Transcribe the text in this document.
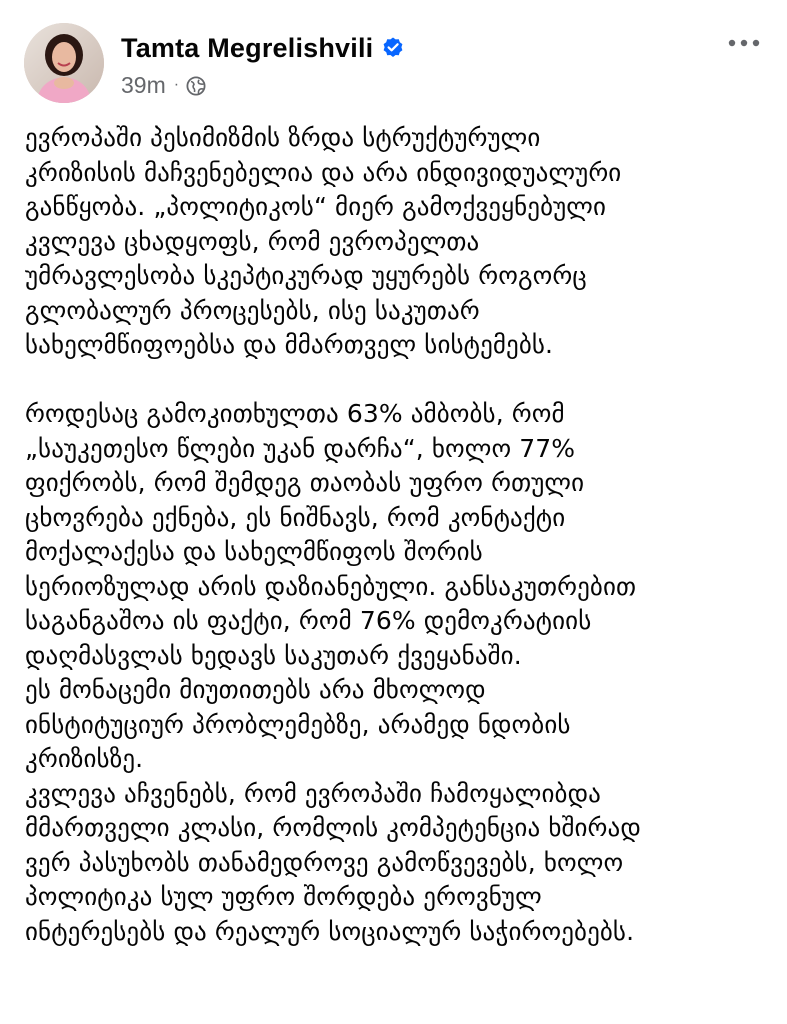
Tamta Megrelishvili
39m ·
ევროპაში პესიმიზმის ზრდა სტრუქტურული
კრიზისის მაჩვენებელია და არა ინდივიდუალური
განწყობა. „პოლიტიკოს“ მიერ გამოქვეყნებული
კვლევა ცხადყოფს, რომ ევროპელთა
უმრავლესობა სკეპტიკურად უყურებს როგორც
გლობალურ პროცესებს, ისე საკუთარ
სახელმწიფოებსა და მმართველ სისტემებს.
როდესაც გამოკითხულთა 63% ამბობს, რომ
„საუკეთესო წლები უკან დარჩა“, ხოლო 77%
ფიქრობს, რომ შემდეგ თაობას უფრო რთული
ცხოვრება ექნება, ეს ნიშნავს, რომ კონტაქტი
მოქალაქესა და სახელმწიფოს შორის
სერიოზულად არის დაზიანებული. განსაკუთრებით
საგანგაშოა ის ფაქტი, რომ 76% დემოკრატიის
დაღმასვლას ხედავს საკუთარ ქვეყანაში.
ეს მონაცემი მიუთითებს არა მხოლოდ
ინსტიტუციურ პრობლემებზე, არამედ ნდობის
კრიზისზე.
კვლევა აჩვენებს, რომ ევროპაში ჩამოყალიბდა
მმართველი კლასი, რომლის კომპეტენცია ხშირად
ვერ პასუხობს თანამედროვე გამოწვევებს, ხოლო
პოლიტიკა სულ უფრო შორდება ეროვნულ
ინტერესებს და რეალურ სოციალურ საჭიროებებს.
